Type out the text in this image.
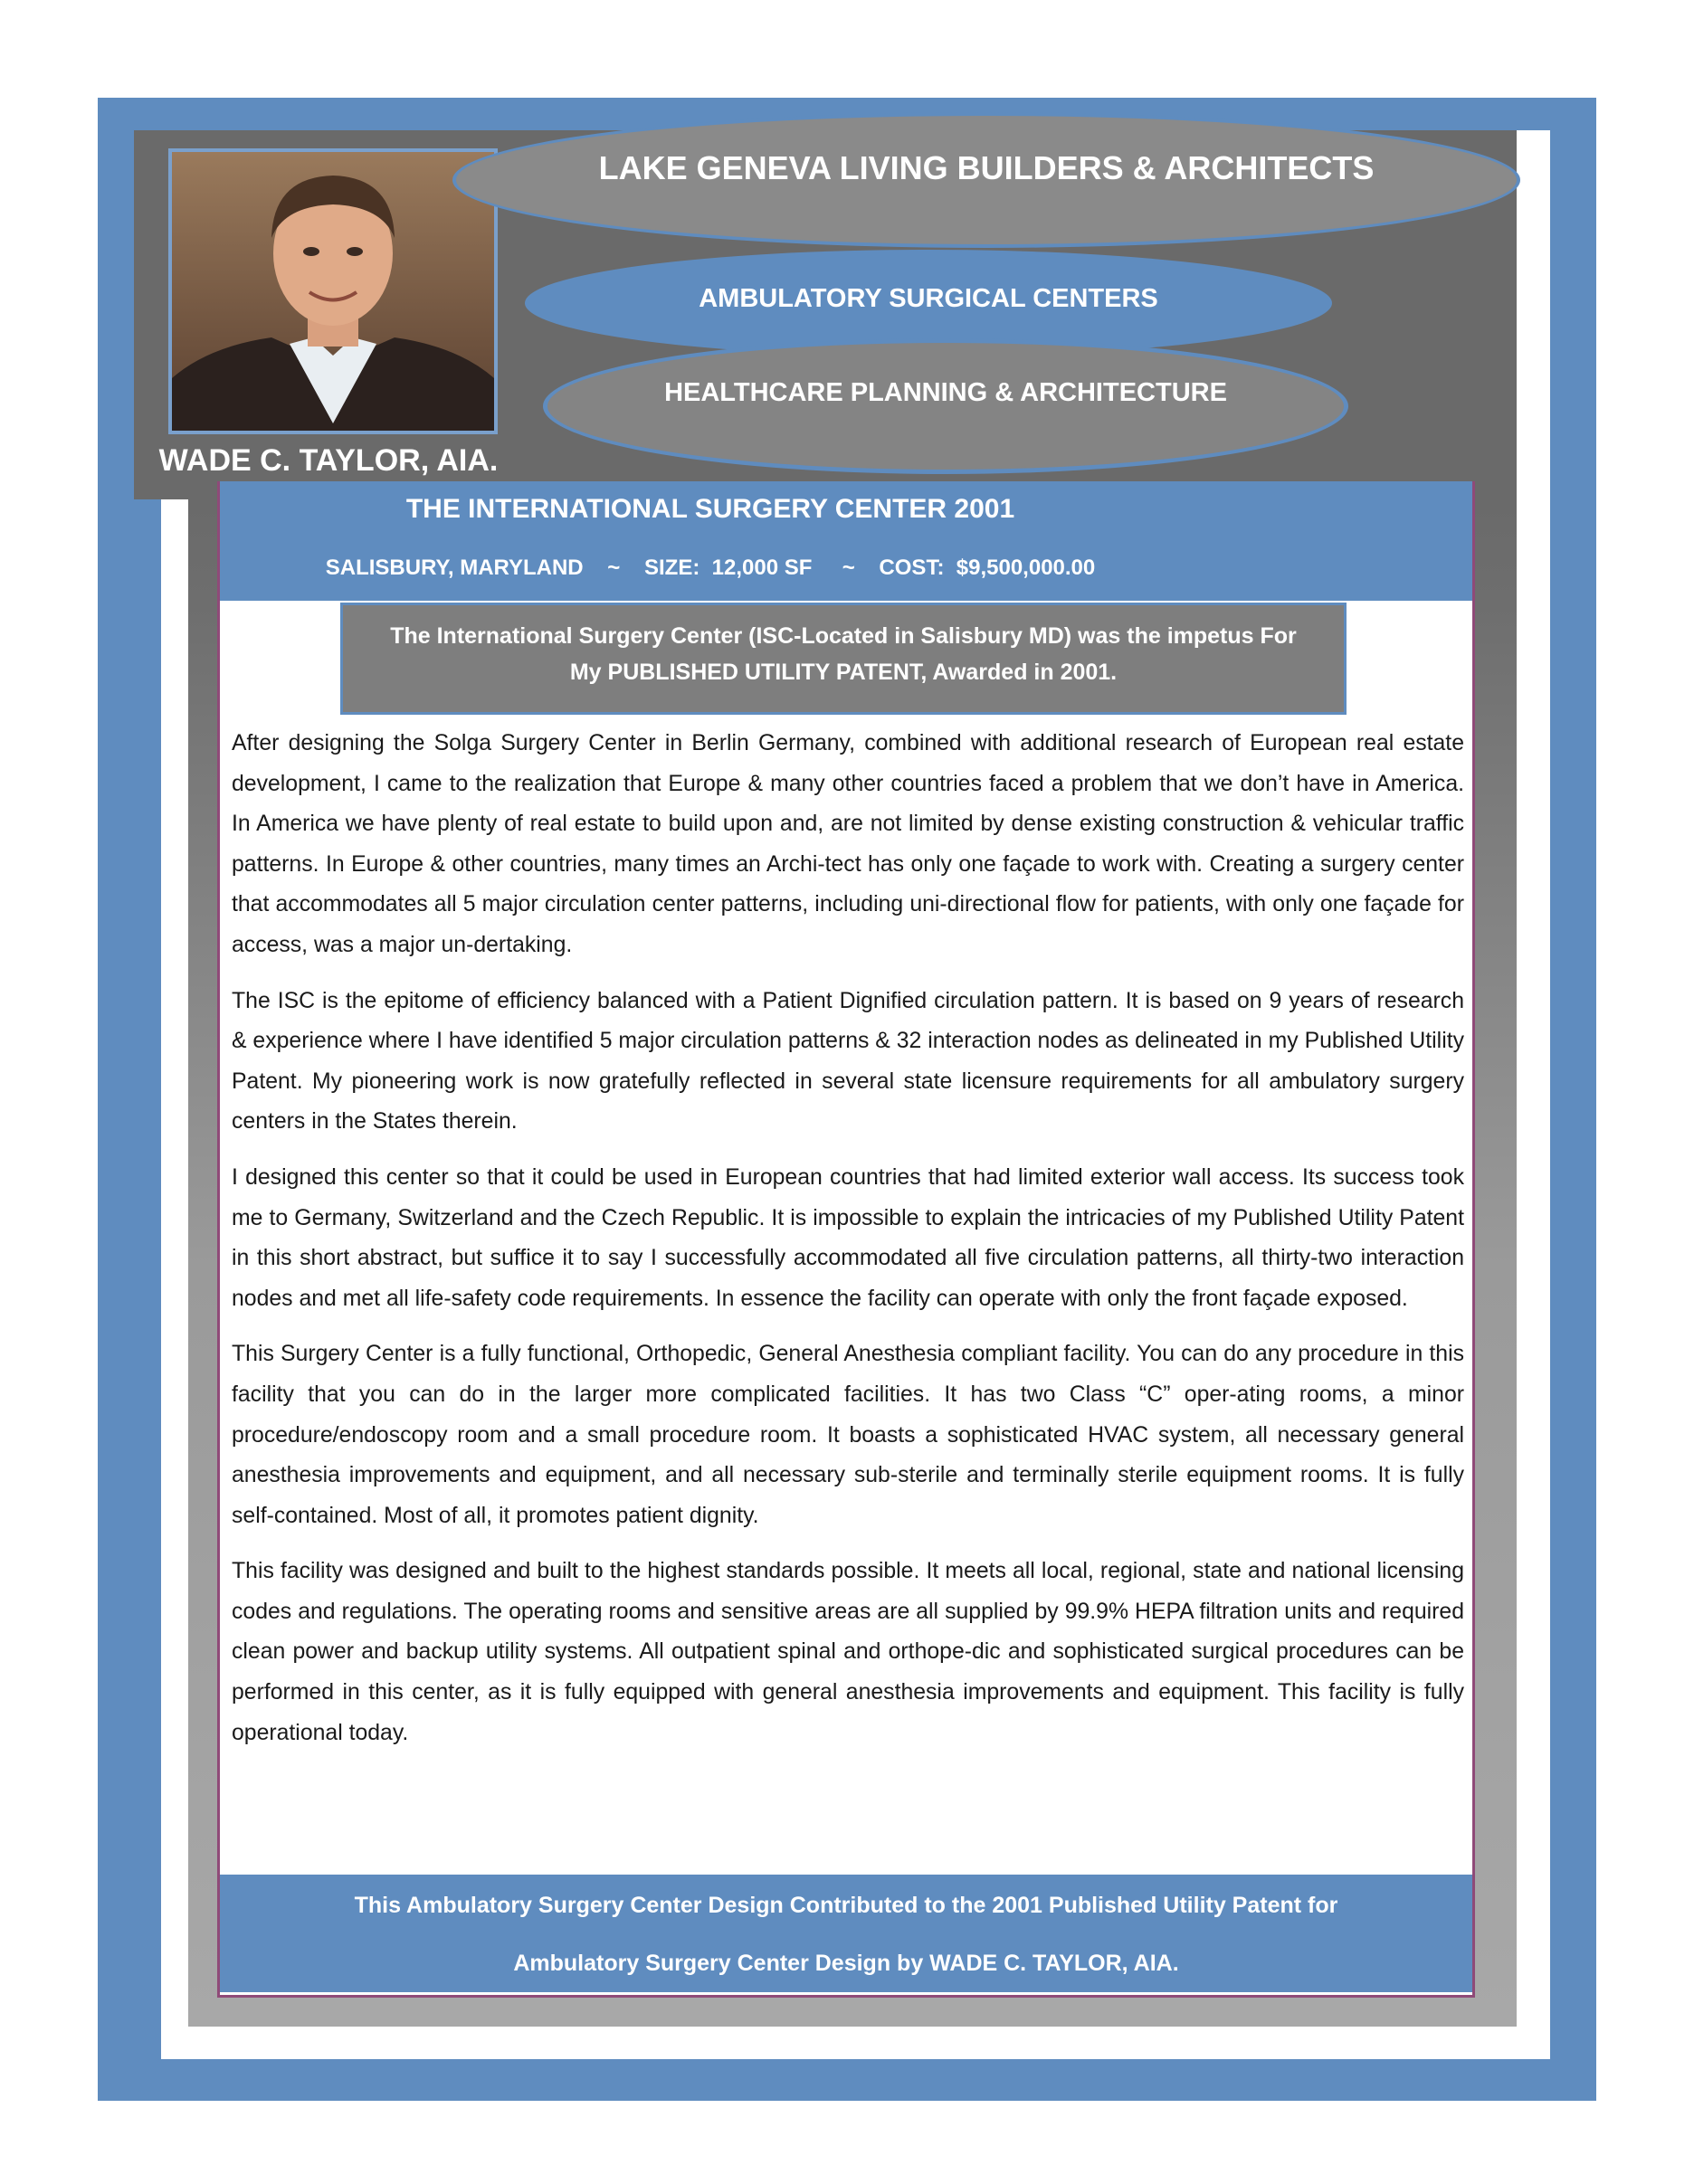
WADE C. TAYLOR, AIA.
LAKE GENEVA LIVING BUILDERS & ARCHITECTS
AMBULATORY SURGICAL CENTERS
HEALTHCARE PLANNING & ARCHITECTURE
THE INTERNATIONAL SURGERY CENTER 2001
SALISBURY, MARYLAND    ~    SIZE:  12,000 SF     ~    COST:  $9,500,000.00
The International Surgery Center (ISC-Located in Salisbury MD) was the impetus For
My PUBLISHED UTILITY PATENT, Awarded in 2001.

After designing the Solga Surgery Center in Berlin Germany, combined with additional research of European real estate development, I came to the realization that Europe & many other countries faced a problem that we don’t have in America. In America we have plenty of real estate to build upon and, are not limited by dense existing construction & vehicular traffic patterns. In Europe & other countries, many times an Archi-tect has only one façade to work with. Creating a surgery center that accommodates all 5 major circulation center patterns, including uni-directional flow for patients, with only one façade for access, was a major un-dertaking.

The ISC is the epitome of efficiency balanced with a Patient Dignified circulation pattern. It is based on 9 years of research & experience where I have identified 5 major circulation patterns & 32 interaction nodes as delineated in my Published Utility Patent. My pioneering work is now gratefully reflected in several state licensure requirements for all ambulatory surgery centers in the States therein.

I designed this center so that it could be used in European countries that had limited exterior wall access. Its success took me to Germany, Switzerland and the Czech Republic. It is impossible to explain the intricacies of my Published Utility Patent in this short abstract, but suffice it to say I successfully accommodated all five circulation patterns, all thirty-two interaction nodes and met all life-safety code requirements. In essence the facility can operate with only the front façade exposed.

This Surgery Center is a fully functional, Orthopedic, General Anesthesia compliant facility. You can do any procedure in this facility that you can do in the larger more complicated facilities. It has two Class “C” oper-ating rooms, a minor procedure/endoscopy room and a small procedure room. It boasts a sophisticated HVAC system, all necessary general anesthesia improvements and equipment, and all necessary sub-sterile and terminally sterile equipment rooms. It is fully self-contained. Most of all, it promotes patient dignity.

This facility was designed and built to the highest standards possible. It meets all local, regional, state and national licensing codes and regulations. The operating rooms and sensitive areas are all supplied by 99.9% HEPA filtration units and required clean power and backup utility systems. All outpatient spinal and orthope-dic and sophisticated surgical procedures can be performed in this center, as it is fully equipped with general anesthesia improvements and equipment. This facility is fully operational today.

This Ambulatory Surgery Center Design Contributed to the 2001 Published Utility Patent for
Ambulatory Surgery Center Design by WADE C. TAYLOR, AIA.
